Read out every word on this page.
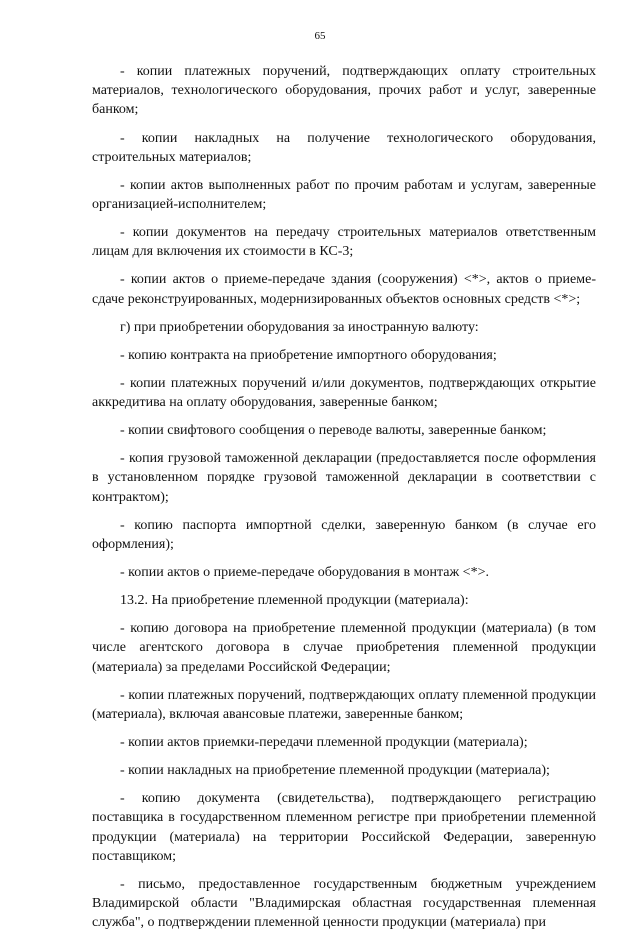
65

- копии платежных поручений, подтверждающих оплату строительных материалов, технологического оборудования, прочих работ и услуг, заверенные банком;

- копии накладных на получение технологического оборудования, строительных материалов;

- копии актов выполненных работ по прочим работам и услугам, заверенные организацией-исполнителем;

- копии документов на передачу строительных материалов ответственным лицам для включения их стоимости в КС-3;

- копии актов о приеме-передаче здания (сооружения) <*>, актов о приеме-сдаче реконструированных, модернизированных объектов основных средств <*>;

г) при приобретении оборудования за иностранную валюту:

- копию контракта на приобретение импортного оборудования;

- копии платежных поручений и/или документов, подтверждающих открытие аккредитива на оплату оборудования, заверенные банком;

- копии свифтового сообщения о переводе валюты, заверенные банком;

- копия грузовой таможенной декларации (предоставляется после оформления в установленном порядке грузовой таможенной декларации в соответствии с контрактом);

- копию паспорта импортной сделки, заверенную банком (в случае его оформления);

- копии актов о приеме-передаче оборудования в монтаж <*>.

13.2. На приобретение племенной продукции (материала):

- копию договора на приобретение племенной продукции (материала) (в том числе агентского договора в случае приобретения племенной продукции (материала) за пределами Российской Федерации;

- копии платежных поручений, подтверждающих оплату племенной продукции (материала), включая авансовые платежи, заверенные банком;

- копии актов приемки-передачи племенной продукции (материала);

- копии накладных на приобретение племенной продукции (материала);

- копию документа (свидетельства), подтверждающего регистрацию поставщика в государственном племенном регистре при приобретении племенной продукции (материала) на территории Российской Федерации, заверенную поставщиком;

- письмо, предоставленное государственным бюджетным учреждением Владимирской области "Владимирская областная государственная племенная служба", о подтверждении племенной ценности продукции (материала) при
